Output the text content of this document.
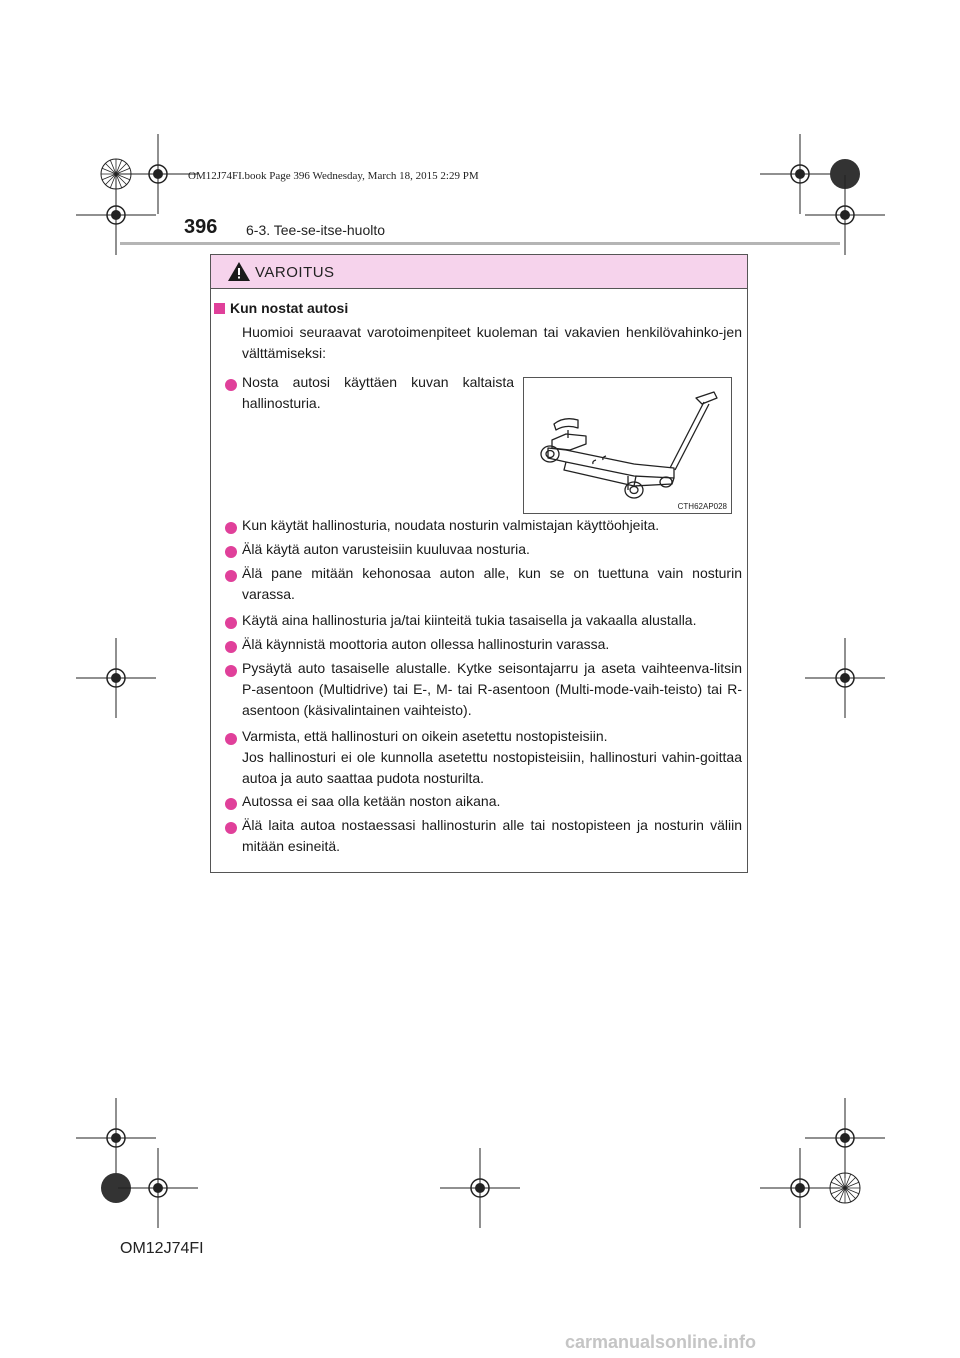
OM12J74FI.book Page 396 Wednesday, March 18, 2015 2:29 PM
396 6-3. Tee-se-itse-huolto
VAROITUS
Kun nostat autosi
Huomioi seuraavat varotoimenpiteet kuoleman tai vakavien henkilövahinko-jen välttämiseksi:
Nosta autosi käyttäen kuvan kaltaista hallinosturia.
CTH62AP028
Kun käytät hallinosturia, noudata nosturin valmistajan käyttöohjeita.
Älä käytä auton varusteisiin kuuluvaa nosturia.
Älä pane mitään kehonosaa auton alle, kun se on tuettuna vain nosturin varassa.
Käytä aina hallinosturia ja/tai kiinteitä tukia tasaisella ja vakaalla alustalla.
Älä käynnistä moottoria auton ollessa hallinosturin varassa.
Pysäytä auto tasaiselle alustalle. Kytke seisontajarru ja aseta vaihteenva-litsin P-asentoon (Multidrive) tai E-, M- tai R-asentoon (Multi-mode-vaih-teisto) tai R-asentoon (käsivalintainen vaihteisto).
Varmista, että hallinosturi on oikein asetettu nostopisteisiin.
Jos hallinosturi ei ole kunnolla asetettu nostopisteisiin, hallinosturi vahin-goittaa autoa ja auto saattaa pudota nosturilta.
Autossa ei saa olla ketään noston aikana.
Älä laita autoa nostaessasi hallinosturin alle tai nostopisteen ja nosturin väliin mitään esineitä.
OM12J74FI
carmanualsonline.info
